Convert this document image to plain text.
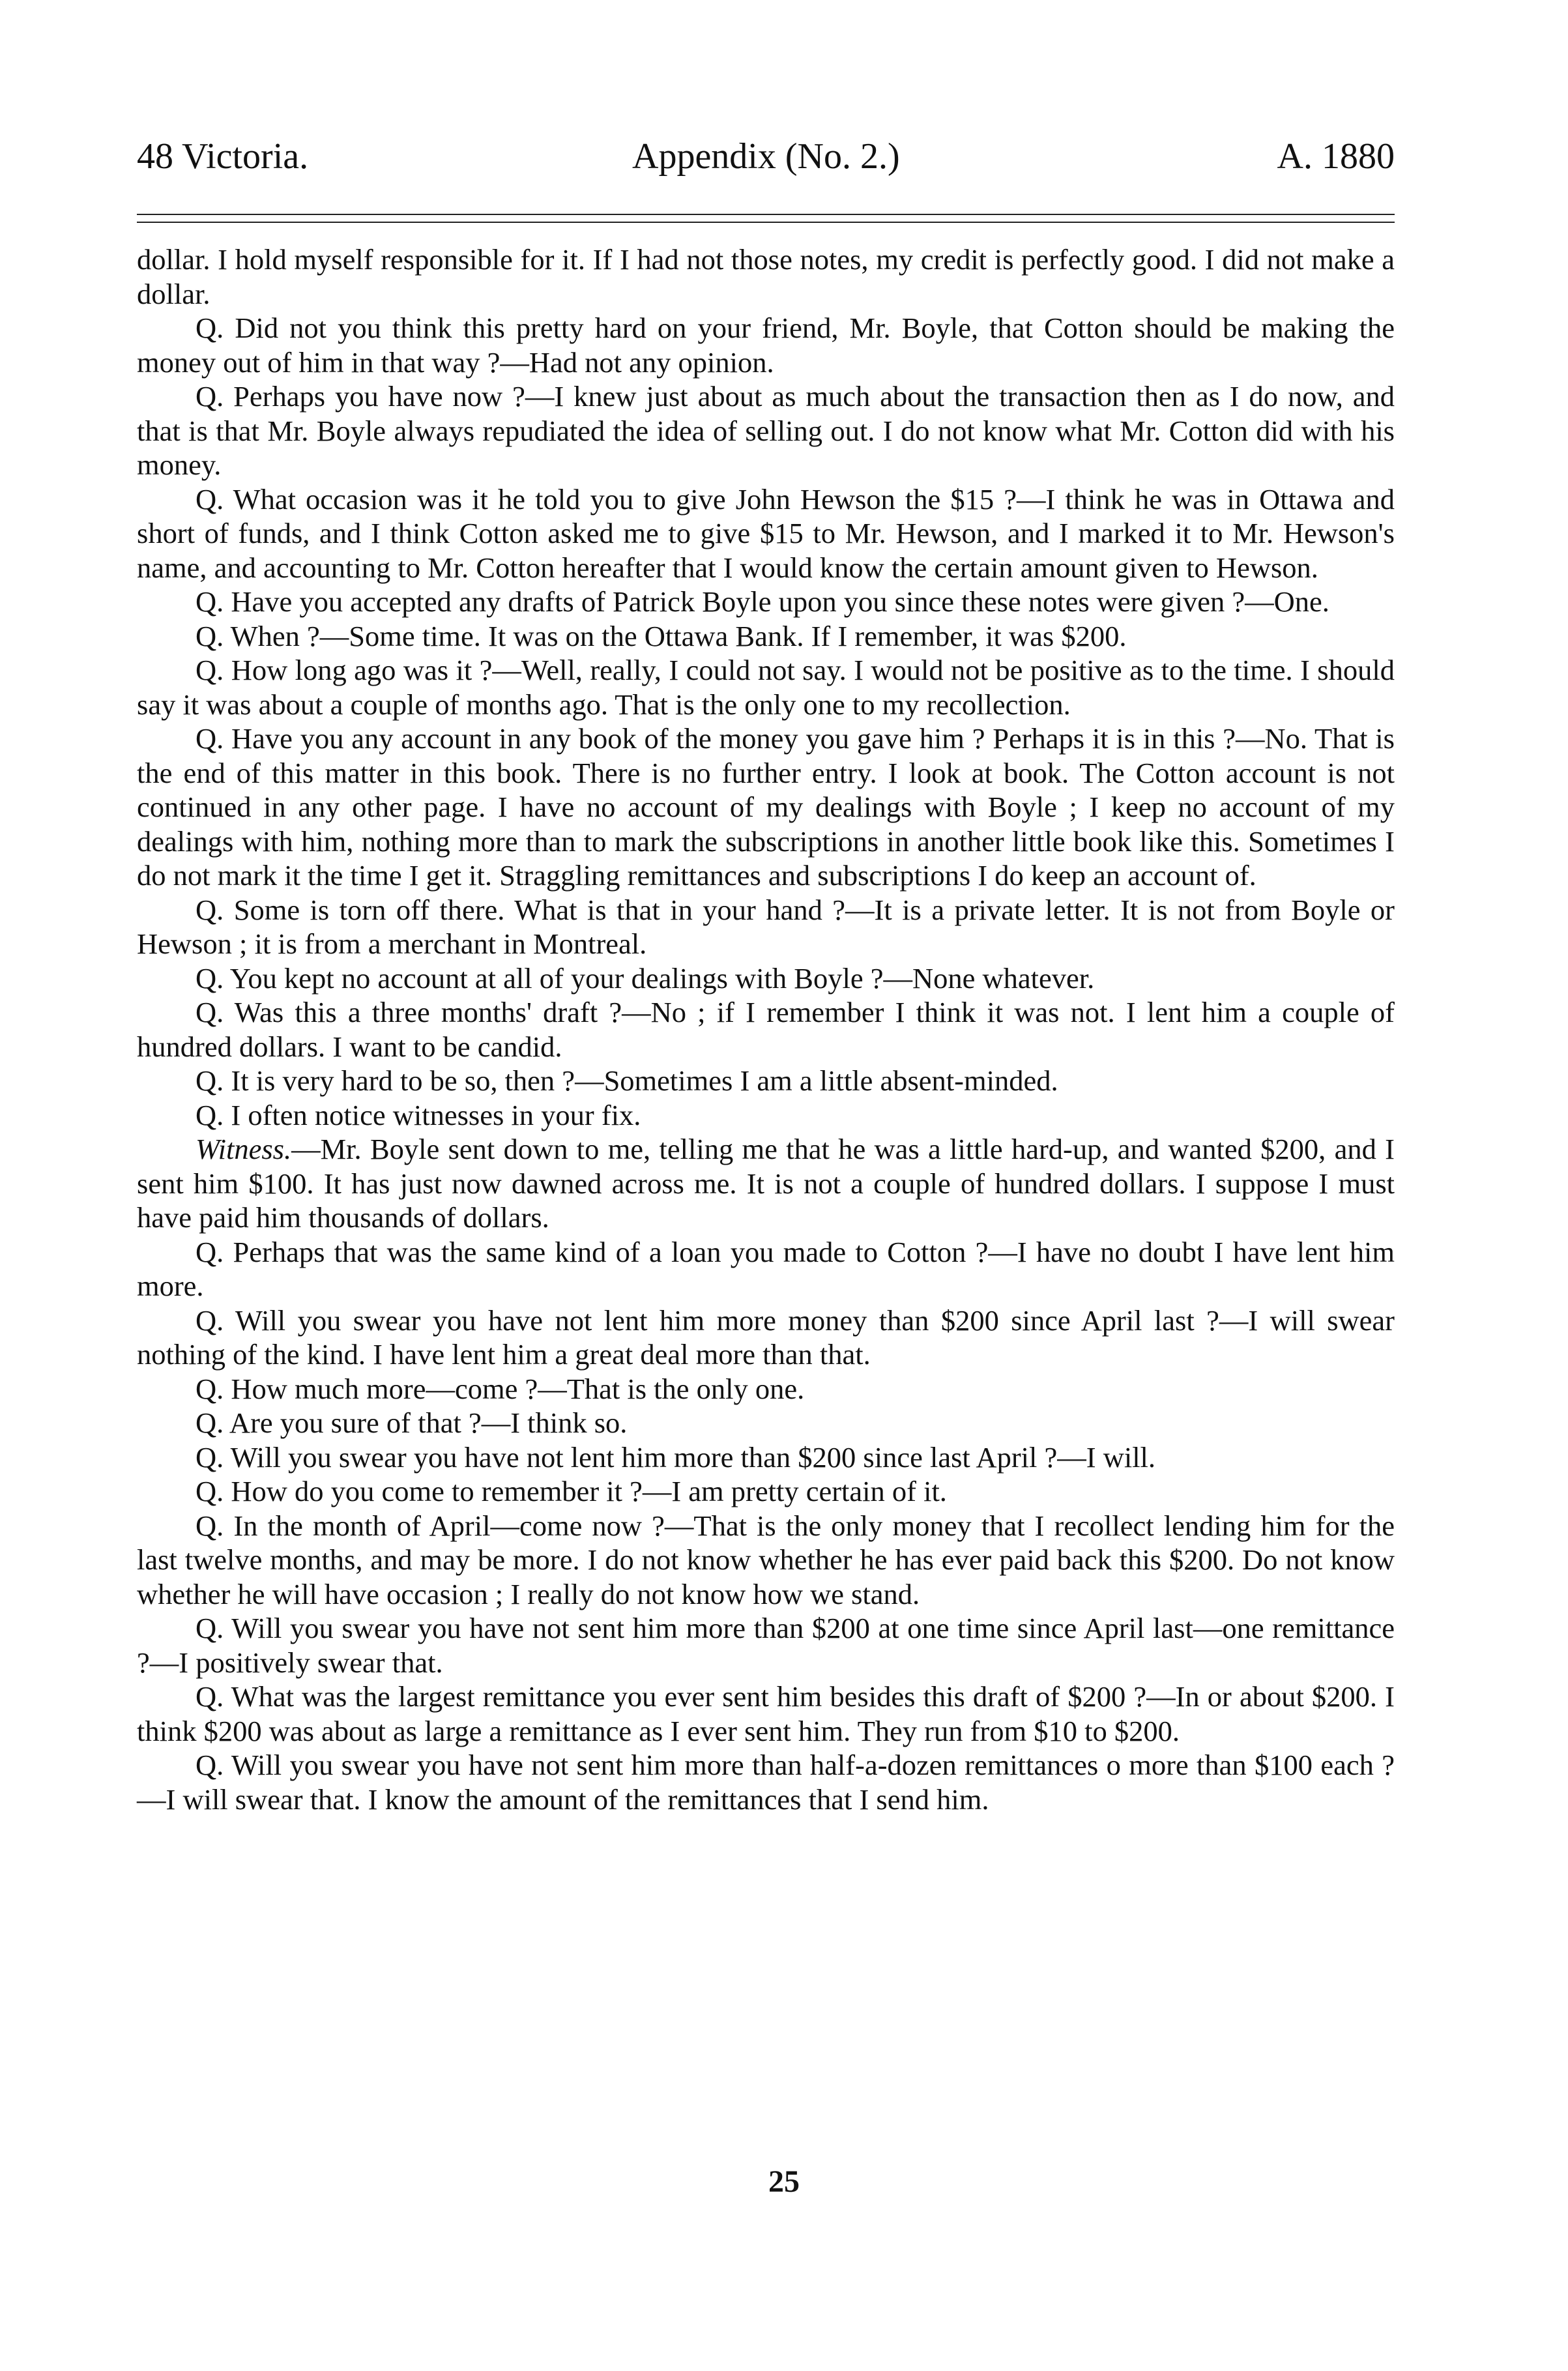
48 Victoria.	Appendix (No. 2.)	A. 1880

dollar. I hold myself responsible for it. If I had not those notes, my credit is perfectly good. I did not make a dollar.

Q. Did not you think this pretty hard on your friend, Mr. Boyle, that Cotton should be making the money out of him in that way ?—Had not any opinion.

Q. Perhaps you have now ?—I knew just about as much about the transaction then as I do now, and that is that Mr. Boyle always repudiated the idea of selling out. I do not know what Mr. Cotton did with his money.

Q. What occasion was it he told you to give John Hewson the $15 ?—I think he was in Ottawa and short of funds, and I think Cotton asked me to give $15 to Mr. Hewson, and I marked it to Mr. Hewson's name, and accounting to Mr. Cotton hereafter that I would know the certain amount given to Hewson.

Q. Have you accepted any drafts of Patrick Boyle upon you since these notes were given ?—One.

Q. When ?—Some time. It was on the Ottawa Bank. If I remember, it was $200.

Q. How long ago was it ?—Well, really, I could not say. I would not be positive as to the time. I should say it was about a couple of months ago. That is the only one to my recollection.

Q. Have you any account in any book of the money you gave him ? Perhaps it is in this ?—No. That is the end of this matter in this book. There is no further entry. I look at book. The Cotton account is not continued in any other page. I have no account of my dealings with Boyle ; I keep no account of my dealings with him, nothing more than to mark the subscriptions in another little book like this. Sometimes I do not mark it the time I get it. Straggling remittances and subscriptions I do keep an account of.

Q. Some is torn off there. What is that in your hand ?—It is a private letter. It is not from Boyle or Hewson ; it is from a merchant in Montreal.

Q. You kept no account at all of your dealings with Boyle ?—None whatever.

Q. Was this a three months' draft ?—No ; if I remember I think it was not. I lent him a couple of hundred dollars. I want to be candid.

Q. It is very hard to be so, then ?—Sometimes I am a little absent-minded.

Q. I often notice witnesses in your fix.

Witness.—Mr. Boyle sent down to me, telling me that he was a little hard-up, and wanted $200, and I sent him $100. It has just now dawned across me. It is not a couple of hundred dollars. I suppose I must have paid him thousands of dollars.

Q. Perhaps that was the same kind of a loan you made to Cotton ?—I have no doubt I have lent him more.

Q. Will you swear you have not lent him more money than $200 since April last ?—I will swear nothing of the kind. I have lent him a great deal more than that.

Q. How much more—come ?—That is the only one.

Q. Are you sure of that ?—I think so.

Q. Will you swear you have not lent him more than $200 since last April ?—I will.

Q. How do you come to remember it ?—I am pretty certain of it.

Q. In the month of April—come now ?—That is the only money that I recollect lending him for the last twelve months, and may be more. I do not know whether he has ever paid back this $200. Do not know whether he will have occasion ; I really do not know how we stand.

Q. Will you swear you have not sent him more than $200 at one time since April last—one remittance ?—I positively swear that.

Q. What was the largest remittance you ever sent him besides this draft of $200 ?—In or about $200. I think $200 was about as large a remittance as I ever sent him. They run from $10 to $200.

Q. Will you swear you have not sent him more than half-a-dozen remittances o more than $100 each ?—I will swear that. I know the amount of the remittances that I send him.

25
